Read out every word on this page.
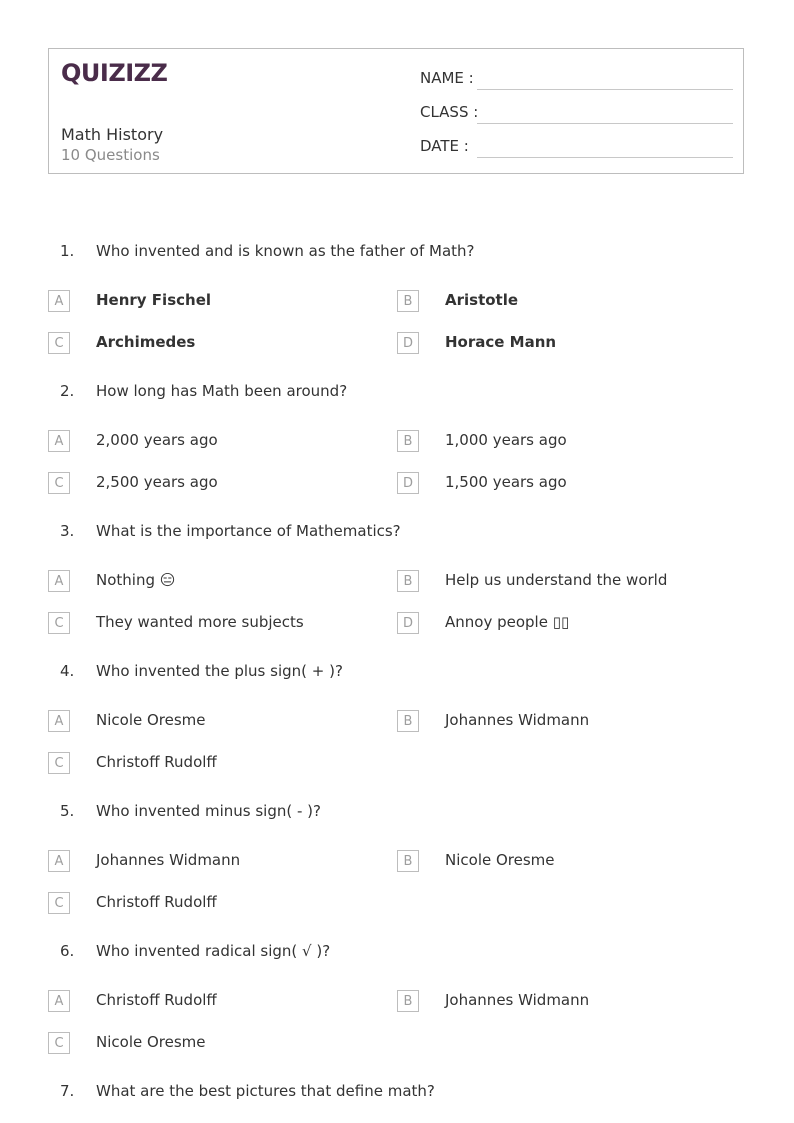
QUIZIZZ
Math History
10 Questions
NAME :
CLASS :
DATE :
1. Who invented and is known as the father of Math?
A	Henry Fischel	B	Aristotle
C	Archimedes	D	Horace Mann
2. How long has Math been around?
A	2,000 years ago	B	1,000 years ago
C	2,500 years ago	D	1,500 years ago
3. What is the importance of Mathematics?
A	Nothing 😑	B	Help us understand the world
C	They wanted more subjects	D	Annoy people ▯▯
4. Who invented the plus sign( + )?
A	Nicole Oresme	B	Johannes Widmann
C	Christoff Rudolff
5. Who invented minus sign( - )?
A	Johannes Widmann	B	Nicole Oresme
C	Christoff Rudolff
6. Who invented radical sign( √ )?
A	Christoff Rudolff	B	Johannes Widmann
C	Nicole Oresme
7. What are the best pictures that define math?
